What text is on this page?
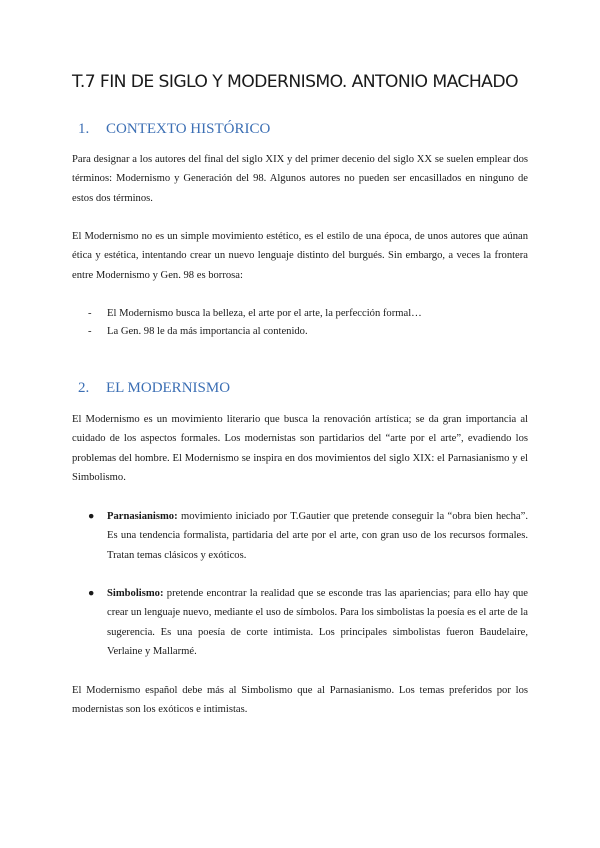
T.7 FIN DE SIGLO Y MODERNISMO. ANTONIO MACHADO
1. CONTEXTO HISTÓRICO

Para designar a los autores del final del siglo XIX y del primer decenio del siglo XX se suelen emplear dos términos: Modernismo y Generación del 98. Algunos autores no pueden ser encasillados en ninguno de estos dos términos.

El Modernismo no es un simple movimiento estético, es el estilo de una época, de unos autores que aúnan ética y estética, intentando crear un nuevo lenguaje distinto del burgués. Sin embargo, a veces la frontera entre Modernismo y Gen. 98 es borrosa:

- El Modernismo busca la belleza, el arte por el arte, la perfección formal…
- La Gen. 98 le da más importancia al contenido.
2. EL MODERNISMO

El Modernismo es un movimiento literario que busca la renovación artística; se da gran importancia al cuidado de los aspectos formales. Los modernistas son partidarios del “arte por el arte”, evadiendo los problemas del hombre. El Modernismo se inspira en dos movimientos del siglo XIX: el Parnasianismo y el Simbolismo.

● Parnasianismo: movimiento iniciado por T.Gautier que pretende conseguir la “obra bien hecha”. Es una tendencia formalista, partidaria del arte por el arte, con gran uso de los recursos formales. Tratan temas clásicos y exóticos.

● Simbolismo: pretende encontrar la realidad que se esconde tras las apariencias; para ello hay que crear un lenguaje nuevo, mediante el uso de símbolos. Para los simbolistas la poesía es el arte de la sugerencia. Es una poesía de corte intimista. Los principales simbolistas fueron Baudelaire, Verlaine y Mallarmé.

El Modernismo español debe más al Simbolismo que al Parnasianismo. Los temas preferidos por los modernistas son los exóticos e intimistas.
